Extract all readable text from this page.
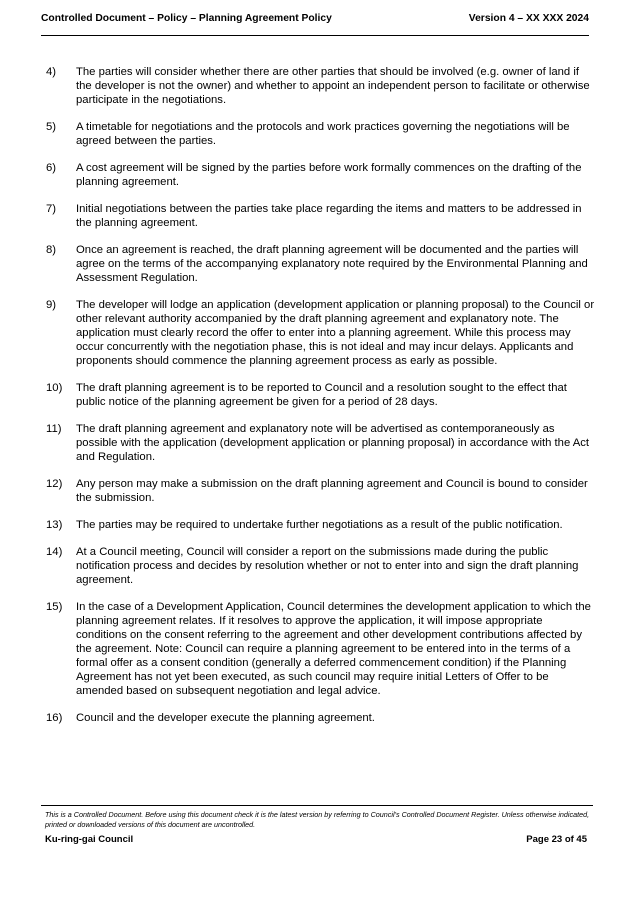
Controlled Document – Policy – Planning Agreement Policy	Version 4 – XX XXX 2024
4)	The parties will consider whether there are other parties that should be involved (e.g. owner of land if the developer is not the owner) and whether to appoint an independent person to facilitate or otherwise participate in the negotiations.
5)	A timetable for negotiations and the protocols and work practices governing the negotiations will be agreed between the parties.
6)	A cost agreement will be signed by the parties before work formally commences on the drafting of the planning agreement.
7)	Initial negotiations between the parties take place regarding the items and matters to be addressed in the planning agreement.
8)	Once an agreement is reached, the draft planning agreement will be documented and the parties will agree on the terms of the accompanying explanatory note required by the Environmental Planning and Assessment Regulation.
9)	The developer will lodge an application (development application or planning proposal) to the Council or other relevant authority accompanied by the draft planning agreement and explanatory note. The application must clearly record the offer to enter into a planning agreement. While this process may occur concurrently with the negotiation phase, this is not ideal and may incur delays. Applicants and proponents should commence the planning agreement process as early as possible.
10)	The draft planning agreement is to be reported to Council and a resolution sought to the effect that public notice of the planning agreement be given for a period of 28 days.
11)	The draft planning agreement and explanatory note will be advertised as contemporaneously as possible with the application (development application or planning proposal) in accordance with the Act and Regulation.
12)	Any person may make a submission on the draft planning agreement and Council is bound to consider the submission.
13)	The parties may be required to undertake further negotiations as a result of the public notification.
14)	At a Council meeting, Council will consider a report on the submissions made during the public notification process and decides by resolution whether or not to enter into and sign the draft planning agreement.
15)	In the case of a Development Application, Council determines the development application to which the planning agreement relates. If it resolves to approve the application, it will impose appropriate conditions on the consent referring to the agreement and other development contributions affected by the agreement. Note: Council can require a planning agreement to be entered into in the terms of a formal offer as a consent condition (generally a deferred commencement condition) if the Planning Agreement has not yet been executed, as such council may require initial Letters of Offer to be amended based on subsequent negotiation and legal advice.
16)	Council and the developer execute the planning agreement.
This is a Controlled Document. Before using this document check it is the latest version by referring to Council’s Controlled Document Register. Unless otherwise indicated, printed or downloaded versions of this document are uncontrolled.
Ku-ring-gai Council	Page 23 of 45
